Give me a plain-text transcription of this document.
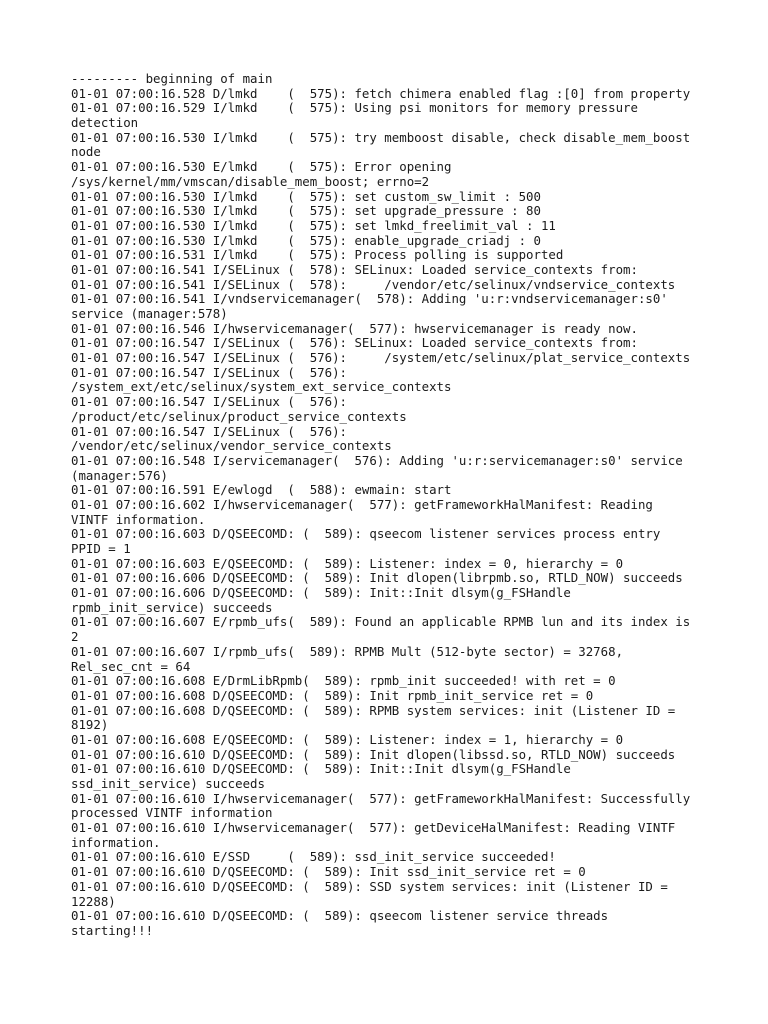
--------- beginning of main
01-01 07:00:16.528 D/lmkd    (  575): fetch chimera enabled flag :[0] from property
01-01 07:00:16.529 I/lmkd    (  575): Using psi monitors for memory pressure
detection
01-01 07:00:16.530 I/lmkd    (  575): try memboost disable, check disable_mem_boost
node
01-01 07:00:16.530 E/lmkd    (  575): Error opening
/sys/kernel/mm/vmscan/disable_mem_boost; errno=2
01-01 07:00:16.530 I/lmkd    (  575): set custom_sw_limit : 500
01-01 07:00:16.530 I/lmkd    (  575): set upgrade_pressure : 80
01-01 07:00:16.530 I/lmkd    (  575): set lmkd_freelimit_val : 11
01-01 07:00:16.530 I/lmkd    (  575): enable_upgrade_criadj : 0
01-01 07:00:16.531 I/lmkd    (  575): Process polling is supported
01-01 07:00:16.541 I/SELinux (  578): SELinux: Loaded service_contexts from:
01-01 07:00:16.541 I/SELinux (  578):     /vendor/etc/selinux/vndservice_contexts
01-01 07:00:16.541 I/vndservicemanager(  578): Adding 'u:r:vndservicemanager:s0'
service (manager:578)
01-01 07:00:16.546 I/hwservicemanager(  577): hwservicemanager is ready now.
01-01 07:00:16.547 I/SELinux (  576): SELinux: Loaded service_contexts from:
01-01 07:00:16.547 I/SELinux (  576):     /system/etc/selinux/plat_service_contexts
01-01 07:00:16.547 I/SELinux (  576):
/system_ext/etc/selinux/system_ext_service_contexts
01-01 07:00:16.547 I/SELinux (  576):
/product/etc/selinux/product_service_contexts
01-01 07:00:16.547 I/SELinux (  576):
/vendor/etc/selinux/vendor_service_contexts
01-01 07:00:16.548 I/servicemanager(  576): Adding 'u:r:servicemanager:s0' service
(manager:576)
01-01 07:00:16.591 E/ewlogd  (  588): ewmain: start
01-01 07:00:16.602 I/hwservicemanager(  577): getFrameworkHalManifest: Reading
VINTF information.
01-01 07:00:16.603 D/QSEECOMD: (  589): qseecom listener services process entry
PPID = 1
01-01 07:00:16.603 E/QSEECOMD: (  589): Listener: index = 0, hierarchy = 0
01-01 07:00:16.606 D/QSEECOMD: (  589): Init dlopen(librpmb.so, RTLD_NOW) succeeds
01-01 07:00:16.606 D/QSEECOMD: (  589): Init::Init dlsym(g_FSHandle
rpmb_init_service) succeeds
01-01 07:00:16.607 E/rpmb_ufs(  589): Found an applicable RPMB lun and its index is
2
01-01 07:00:16.607 I/rpmb_ufs(  589): RPMB Mult (512-byte sector) = 32768,
Rel_sec_cnt = 64
01-01 07:00:16.608 E/DrmLibRpmb(  589): rpmb_init succeeded! with ret = 0
01-01 07:00:16.608 D/QSEECOMD: (  589): Init rpmb_init_service ret = 0
01-01 07:00:16.608 D/QSEECOMD: (  589): RPMB system services: init (Listener ID =
8192)
01-01 07:00:16.608 E/QSEECOMD: (  589): Listener: index = 1, hierarchy = 0
01-01 07:00:16.610 D/QSEECOMD: (  589): Init dlopen(libssd.so, RTLD_NOW) succeeds
01-01 07:00:16.610 D/QSEECOMD: (  589): Init::Init dlsym(g_FSHandle
ssd_init_service) succeeds
01-01 07:00:16.610 I/hwservicemanager(  577): getFrameworkHalManifest: Successfully
processed VINTF information
01-01 07:00:16.610 I/hwservicemanager(  577): getDeviceHalManifest: Reading VINTF
information.
01-01 07:00:16.610 E/SSD     (  589): ssd_init_service succeeded!
01-01 07:00:16.610 D/QSEECOMD: (  589): Init ssd_init_service ret = 0
01-01 07:00:16.610 D/QSEECOMD: (  589): SSD system services: init (Listener ID =
12288)
01-01 07:00:16.610 D/QSEECOMD: (  589): qseecom listener service threads
starting!!!
